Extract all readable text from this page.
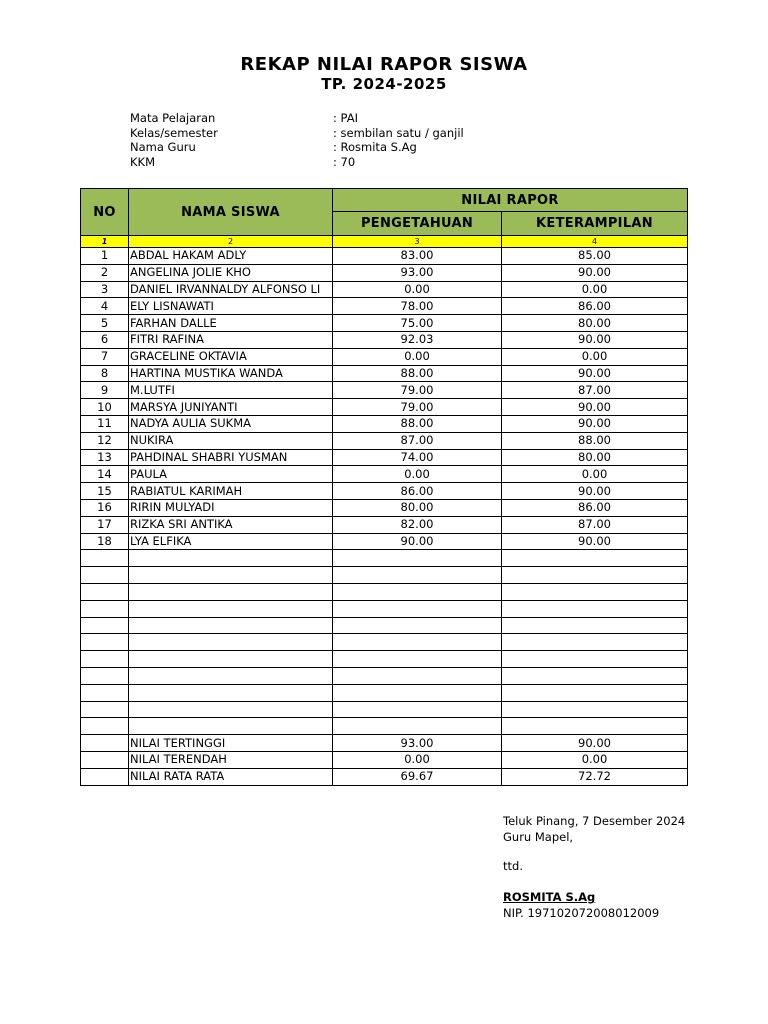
REKAP NILAI RAPOR SISWA
TP. 2024-2025
Mata Pelajaran	: PAI
Kelas/semester	: sembilan satu / ganjil
Nama Guru	: Rosmita S.Ag
KKM	: 70
NO	NAMA SISWA	NILAI RAPOR	
		PENGETAHUAN	KETERAMPILAN
1	2	3	4
1	ABDAL HAKAM ADLY	83.00	85.00
2	ANGELINA JOLIE KHO	93.00	90.00
3	DANIEL IRVANNALDY ALFONSO LI	0.00	0.00
4	ELY LISNAWATI	78.00	86.00
5	FARHAN DALLE	75.00	80.00
6	FITRI RAFINA	92.03	90.00
7	GRACELINE OKTAVIA	0.00	0.00
8	HARTINA MUSTIKA WANDA	88.00	90.00
9	M.LUTFI	79.00	87.00
10	MARSYA JUNIYANTI	79.00	90.00
11	NADYA AULIA SUKMA	88.00	90.00
12	NUKIRA	87.00	88.00
13	PAHDINAL SHABRI YUSMAN	74.00	80.00
14	PAULA	0.00	0.00
15	RABIATUL KARIMAH	86.00	90.00
16	RIRIN MULYADI	80.00	86.00
17	RIZKA SRI ANTIKA	82.00	87.00
18	LYA ELFIKA	90.00	90.00

	NILAI TERTINGGI	93.00	90.00
	NILAI TERENDAH	0.00	0.00
	NILAI RATA RATA	69.67	72.72
Teluk Pinang, 7 Desember 2024
Guru Mapel,
ttd.
ROSMITA S.Ag
NIP. 197102072008012009
